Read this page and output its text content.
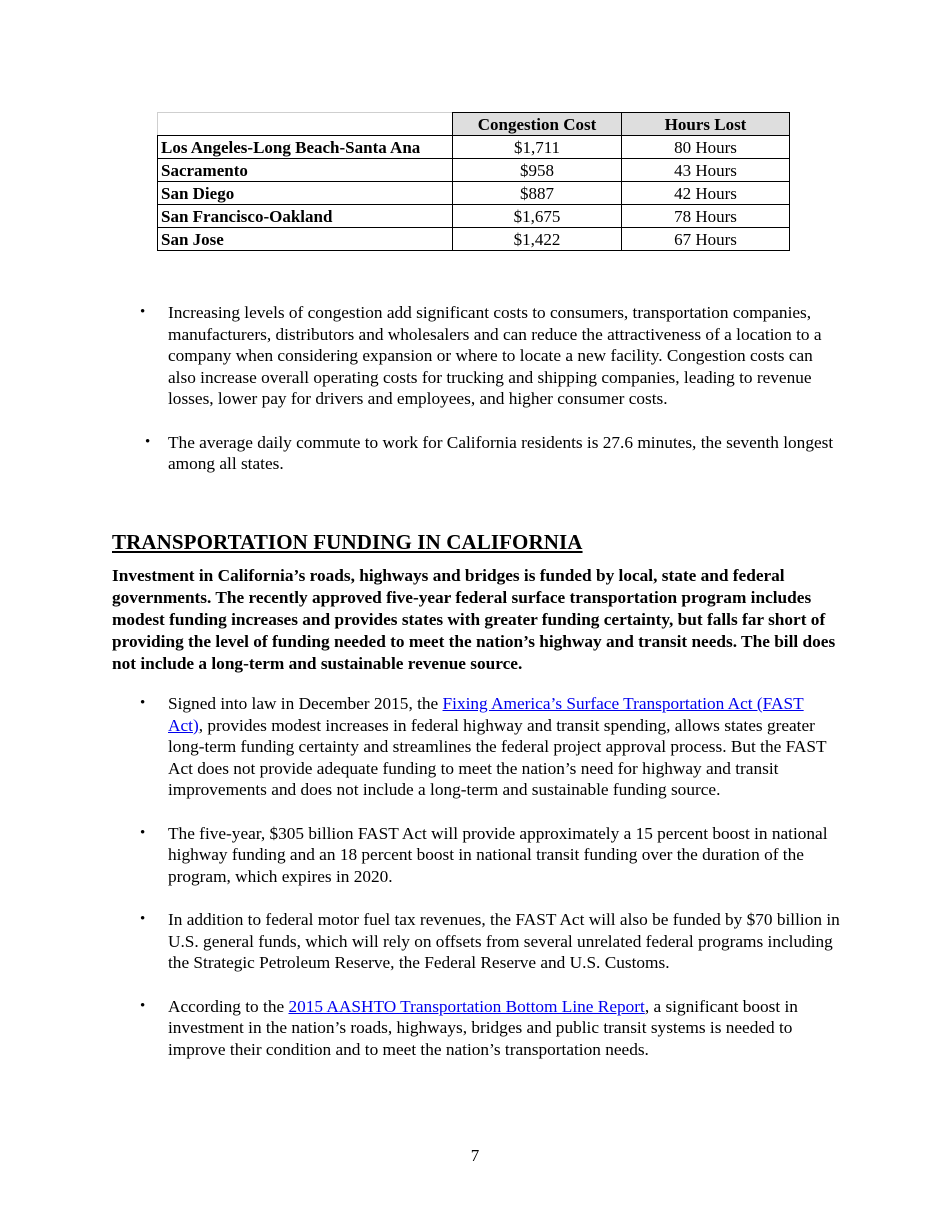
	Congestion Cost	Hours Lost
Los Angeles-Long Beach-Santa Ana	$1,711	80 Hours
Sacramento	$958	43 Hours
San Diego	$887	42 Hours
San Francisco-Oakland	$1,675	78 Hours
San Jose	$1,422	67 Hours
• Increasing levels of congestion add significant costs to consumers, transportation companies, manufacturers, distributors and wholesalers and can reduce the attractiveness of a location to a company when considering expansion or where to locate a new facility. Congestion costs can also increase overall operating costs for trucking and shipping companies, leading to revenue losses, lower pay for drivers and employees, and higher consumer costs.
• The average daily commute to work for California residents is 27.6 minutes, the seventh longest among all states.
TRANSPORTATION FUNDING IN CALIFORNIA

Investment in California’s roads, highways and bridges is funded by local, state and federal governments. The recently approved five-year federal surface transportation program includes modest funding increases and provides states with greater funding certainty, but falls far short of providing the level of funding needed to meet the nation’s highway and transit needs. The bill does not include a long-term and sustainable revenue source.

• Signed into law in December 2015, the Fixing America’s Surface Transportation Act (FAST Act), provides modest increases in federal highway and transit spending, allows states greater long-term funding certainty and streamlines the federal project approval process. But the FAST Act does not provide adequate funding to meet the nation’s need for highway and transit improvements and does not include a long-term and sustainable funding source.
• The five-year, $305 billion FAST Act will provide approximately a 15 percent boost in national highway funding and an 18 percent boost in national transit funding over the duration of the program, which expires in 2020.
• In addition to federal motor fuel tax revenues, the FAST Act will also be funded by $70 billion in U.S. general funds, which will rely on offsets from several unrelated federal programs including the Strategic Petroleum Reserve, the Federal Reserve and U.S. Customs.
• According to the 2015 AASHTO Transportation Bottom Line Report, a significant boost in investment in the nation’s roads, highways, bridges and public transit systems is needed to improve their condition and to meet the nation’s transportation needs.
7
